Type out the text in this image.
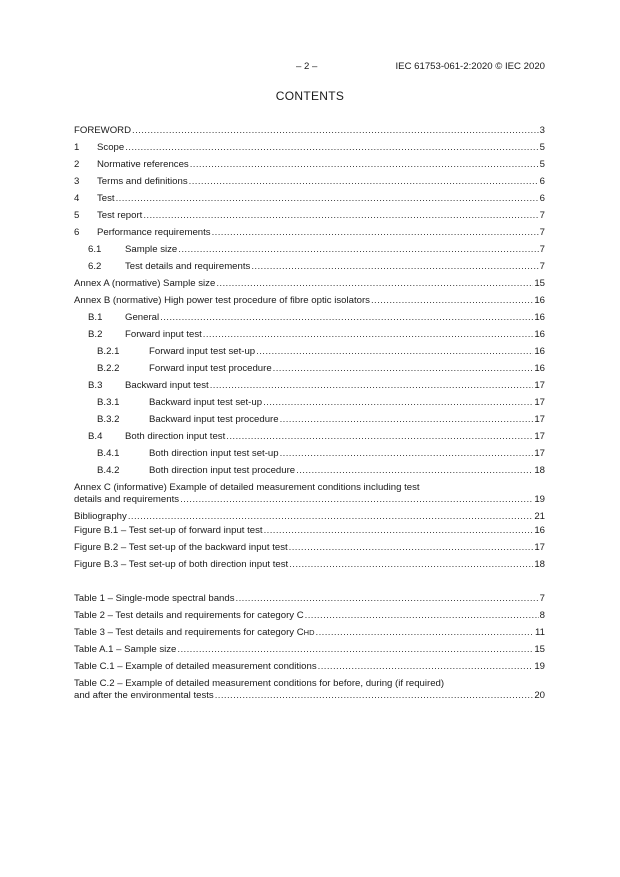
– 2 –	IEC 61753-061-2:2020 © IEC 2020
CONTENTS
FOREWORD .....	3
1	Scope .....	5
2	Normative references .....	5
3	Terms and definitions .....	6
4	Test .....	6
5	Test report .....	7
6	Performance requirements .....	7
6.1	Sample size .....	7
6.2	Test details and requirements .....	7
Annex A (normative) Sample size .....	15
Annex B (normative) High power test procedure of fibre optic isolators .....	16
B.1	General .....	16
B.2	Forward input test .....	16
B.2.1	Forward input test set-up .....	16
B.2.2	Forward input test procedure .....	16
B.3	Backward input test .....	17
B.3.1	Backward input test set-up .....	17
B.3.2	Backward input test procedure .....	17
B.4	Both direction input test .....	17
B.4.1	Both direction input test set-up .....	17
B.4.2	Both direction input test procedure .....	18
Annex C (informative) Example of detailed measurement conditions including test
details and requirements .....	19
Bibliography .....	21
Figure B.1 – Test set-up of forward input test .....	16
Figure B.2 – Test set-up of the backward input test .....	17
Figure B.3 – Test set-up of both direction input test .....	18
Table 1 – Single-mode spectral bands .....	7
Table 2 – Test details and requirements for category C .....	8
Table 3 – Test details and requirements for category C HD .....	11
Table A.1 – Sample size .....	15
Table C.1 – Example of detailed measurement conditions .....	19
Table C.2 – Example of detailed measurement conditions for before, during (if required)
and after the environmental tests .....	20
